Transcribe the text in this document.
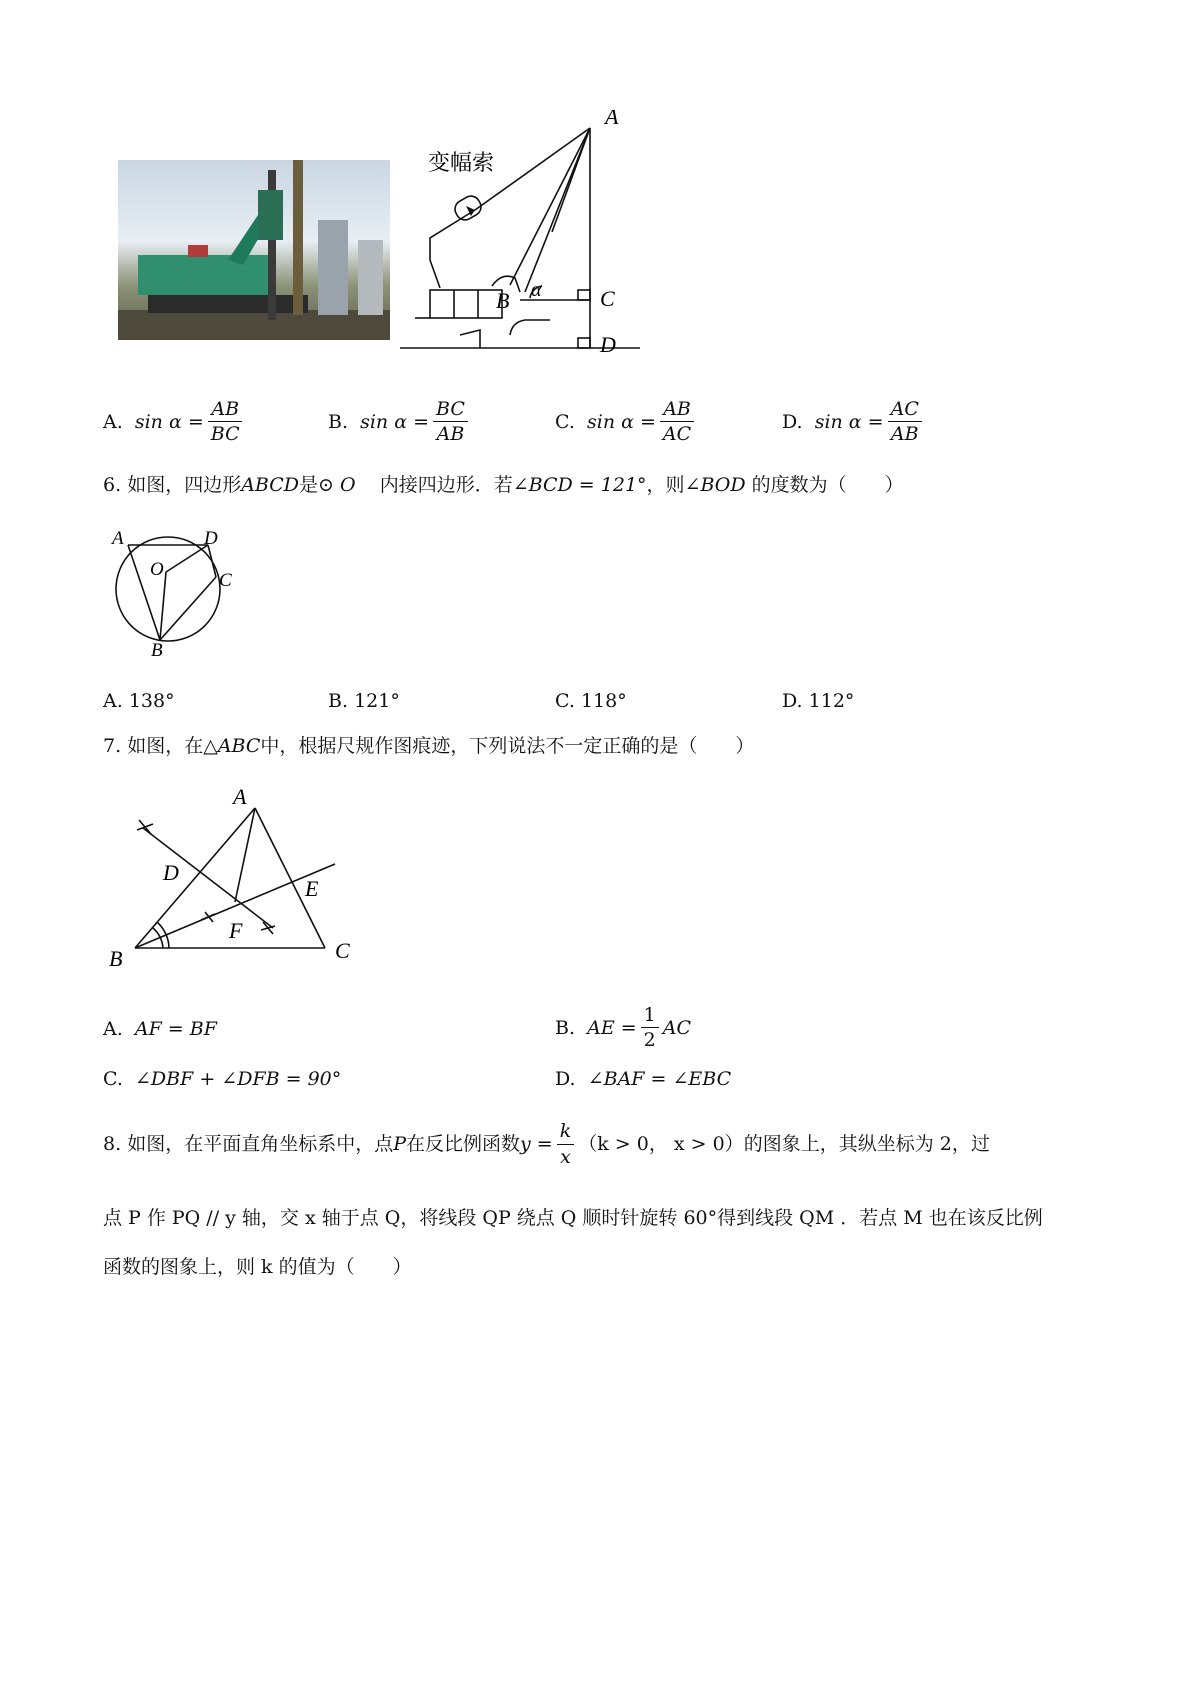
A
B	C
D
α
变幅索
A.
$\sin \alpha = \frac{AB}{BC}$	B.
$\sin \alpha = \frac{BC}{AB}$	C.
$\sin \alpha = \frac{AB}{AC}$	D.
$\sin \alpha = \frac{AC}{AB}$
6. 如图，四边形ABCD是⊙ O 内接四边形．若∠BCD = 121°，则∠BOD 的度数为（　　）
A	D
O
C
B
A.
138°	B.
121°	C.
118°	D.
112°
7. 如图，在△ABC中，根据尺规作图痕迹，下列说法不一定正确的是（　　）
A
D
E
F
B	C
A.
AF = BF	B.
AE = $\frac{1}{2}$ AC
C.
∠DBF + ∠DFB = 90°	D.
∠BAF = ∠EBC
8.
如图，在平面直角坐标系中，点 P 在反比例函数 $y = \frac{k}{x} (k > 0$， x > 0） 的图象上，其纵坐标为 2，过
点 P 作 PQ // y 轴，交 x 轴于点 Q，将线段 QP 绕点 Q 顺时针旋转 60°得到线段 QM ．若点 M 也在该反比例
函数的图象上，则 k 的值为（　　）
